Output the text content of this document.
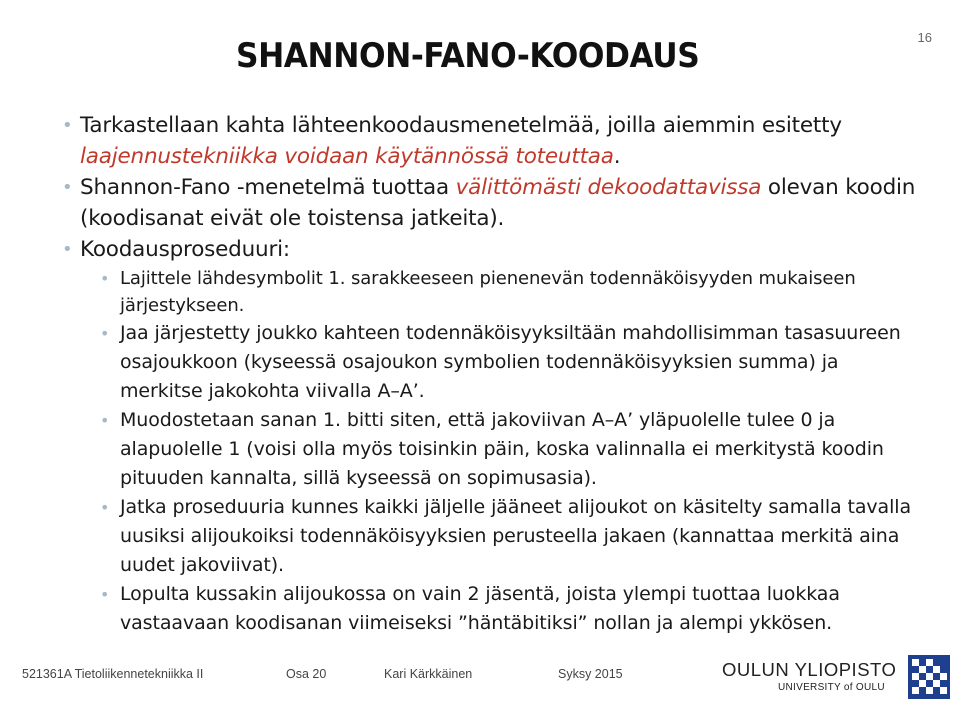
16
SHANNON-FANO-KOODAUS
• Tarkastellaan kahta lähteenkoodausmenetelmää, joilla aiemmin esitetty laajennustekniikka voidaan käytännössä toteuttaa.
• Shannon-Fano -menetelmä tuottaa välittömästi dekoodattavissa olevan koodin (koodisanat eivät ole toistensa jatkeita).
• Koodausproseduuri:
• Lajittele lähdesymbolit 1. sarakkeeseen pienenevän todennäköisyyden mukaiseen järjestykseen.
• Jaa järjestetty joukko kahteen todennäköisyyksiltään mahdollisimman tasasuureen osajoukkoon (kyseessä osajoukon symbolien todennäköisyyksien summa) ja merkitse jakokohta viivalla A–A’.
• Muodostetaan sanan 1. bitti siten, että jakoviivan A–A’ yläpuolelle tulee 0 ja alapuolelle 1 (voisi olla myös toisinkin päin, koska valinnalla ei merkitystä koodin pituuden kannalta, sillä kyseessä on sopimusasia).
• Jatka proseduuria kunnes kaikki jäljelle jääneet alijoukot on käsitelty samalla tavalla uusiksi alijoukoiksi todennäköisyyksien perusteella jakaen (kannattaa merkitä aina uudet jakoviivat).
• Lopulta kussakin alijoukossa on vain 2 jäsentä, joista ylempi tuottaa luokkaa vastaavaan koodisanan viimeiseksi ”häntäbitiksi” nollan ja alempi ykkösen.
521361A Tietoliikennetekniikka II	Osa 20	Kari Kärkkäinen	Syksy 2015	OULUN YLIOPISTO
UNIVERSITY of OULU
